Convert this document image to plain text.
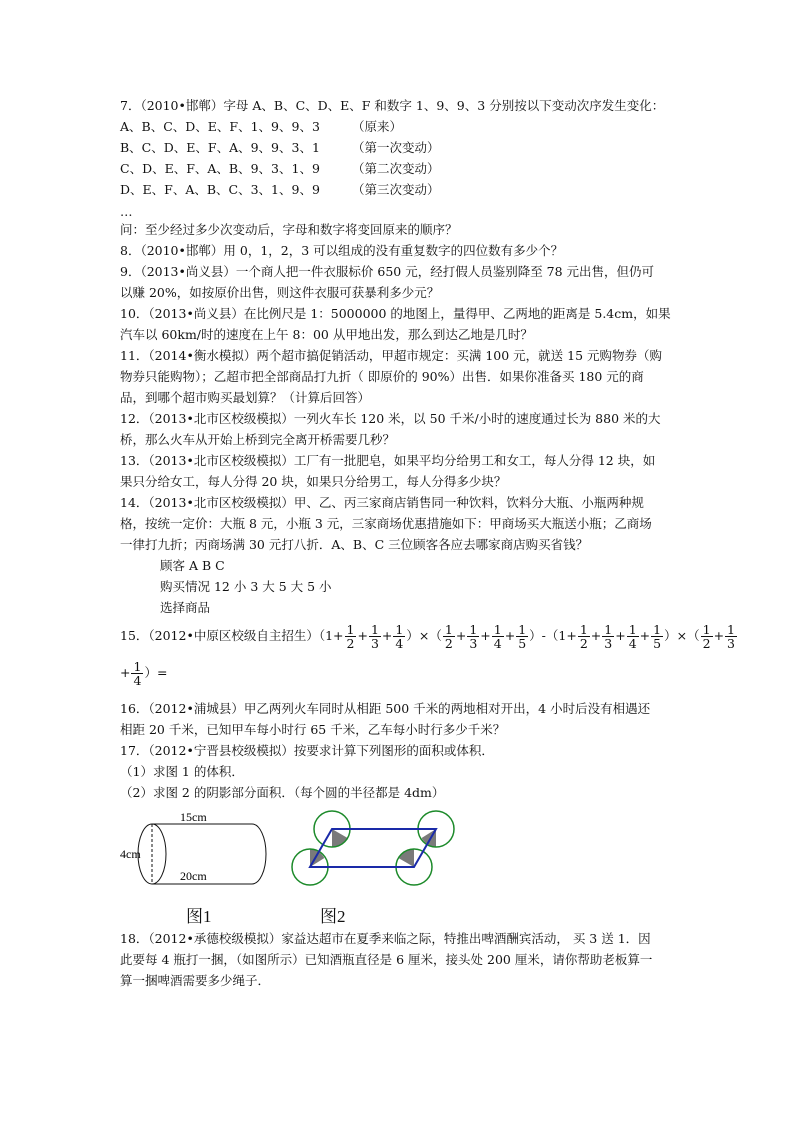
7．（2010•邯郸）字母 A、B、C、D、E、F 和数字 1、9、9、3 分别按以下变动次序发生变化：
A、B、C、D、E、F、1、9、9、3	（原来）
B、C、D、E、F、A、9、9、3、1	（第一次变动）
C、D、E、F、A、B、9、3、1、9	（第二次变动）
D、E、F、A、B、C、3、1、9、9	（第三次变动）
…
问：至少经过多少次变动后，字母和数字将变回原来的顺序？
8．（2010•邯郸）用 0，1，2，3 可以组成的没有重复数字的四位数有多少个？
9．（2013•尚义县）一个商人把一件衣服标价 650 元，经打假人员鉴别降至 78 元出售，但仍可
以赚 20%，如按原价出售，则这件衣服可获暴利多少元？
10．（2013•尚义县）在比例尺是 1：5000000 的地图上，量得甲、乙两地的距离是 5.4cm，如果
汽车以 60km/时的速度在上午 8：00 从甲地出发，那么到达乙地是几时？
11．（2014•衡水模拟）两个超市搞促销活动，甲超市规定：买满 100 元，就送 15 元购物券（购
物券只能购物）；乙超市把全部商品打九折（ 即原价的 90%）出售．如果你准备买 180 元的商
品，到哪个超市购买最划算？（计算后回答）
12．（2013•北市区校级模拟）一列火车长 120 米，以 50 千米/小时的速度通过长为 880 米的大
桥，那么火车从开始上桥到完全离开桥需要几秒？
13．（2013•北市区校级模拟）工厂有一批肥皂，如果平均分给男工和女工，每人分得 12 块，如
果只分给女工，每人分得 20 块，如果只分给男工，每人分得多少块？
14．（2013•北市区校级模拟）甲、乙、丙三家商店销售同一种饮料，饮料分大瓶、小瓶两种规
格，按统一定价：大瓶 8 元，小瓶 3 元，三家商场优惠措施如下：甲商场买大瓶送小瓶；乙商场
一律打九折；丙商场满 30 元打八折．A、B、C 三位顾客各应去哪家商店购买省钱？
顾客 A B C
购买情况 12 小 3 大 5 大 5 小
选择商品
15．（2012•中原区校级自主招生）（$1+ \frac{1}{2} + \frac{1}{3} + \frac{1}{4}$ ）×（ $\frac{1}{2} + \frac{1}{3} + \frac{1}{4} + \frac{1}{5} )-(1+ \frac{1}{2} + \frac{1}{3} + \frac{1}{4} + \frac{1}{5}$ ）×（ $\frac{1}{2} + \frac{1}{3}$
+ $\frac{1}{4}$ ）=
16．（2012•浦城县）甲乙两列火车同时从相距 500 千米的两地相对开出，4 小时后没有相遇还
相距 20 千米，已知甲车每小时行 65 千米，乙车每小时行多少千米？
17．（2012•宁晋县校级模拟）按要求计算下列图形的面积或体积．
（1）求图 1 的体积．
（2）求图 2 的阴影部分面积．（每个圆的半径都是 4dm）
15cm
4cm
20cm
图1	图2
18．（2012•承德校级模拟）家益达超市在夏季来临之际，特推出啤酒酬宾活动， 买 3 送 1．因
此要每 4 瓶打一捆，（如图所示）已知酒瓶直径是 6 厘米，接头处 200 厘米，请你帮助老板算一
算一捆啤酒需要多少绳子．
